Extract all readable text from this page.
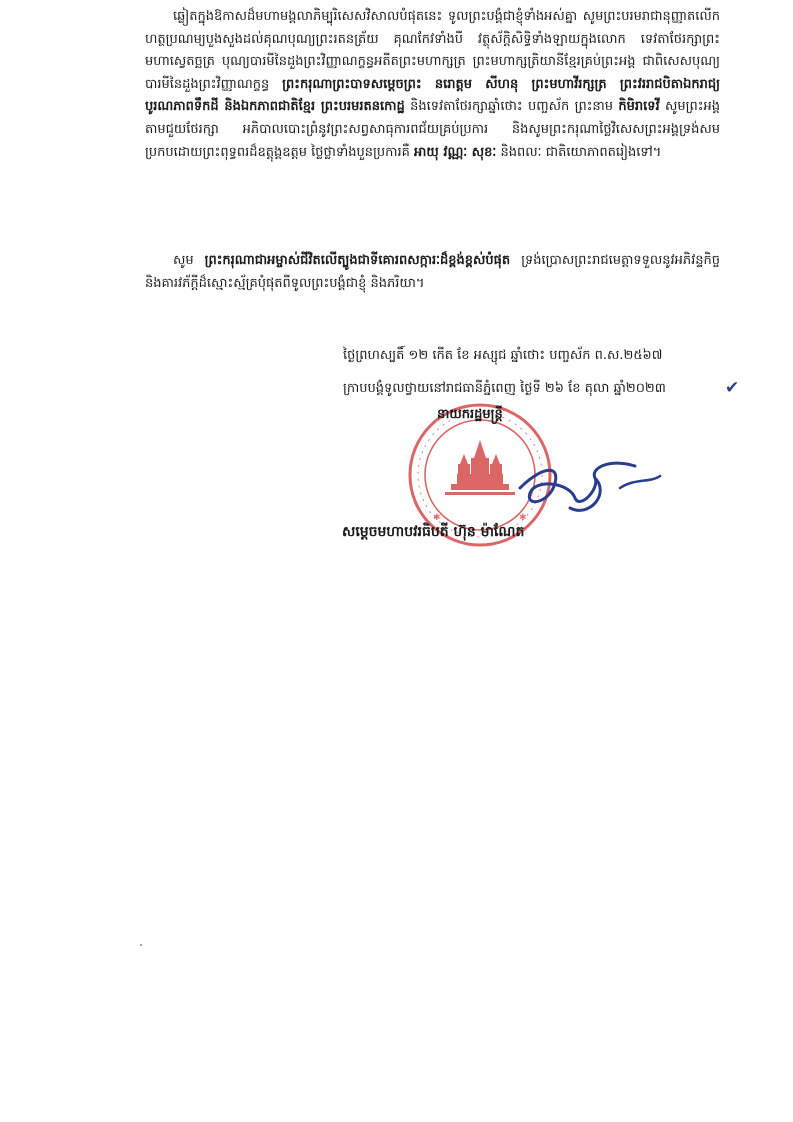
ឆ្លៀតក្នុងឱកាសដ៏មហាមង្គលាភិម្បុរិសេសវិសាលបំផុតនេះ ទូលព្រះបង្គំជាខ្ញុំទាំងអស់គ្នា សូមព្រះបរមរាជានុញ្ញាតលើកហត្ថប្រណម្យបួងសួងដល់គុណបុណ្យព្រះរតនត្រ័យ គុណកែវទាំងបី វត្ថុស័ក្តិសិទ្ធិទាំងឡាយក្នុងលោក ទេវតាថែរក្សាព្រះមហាសេ្វតច្ឆត្រ បុណ្យបារមីនៃដួងព្រះវិញ្ញាណក្ខន្ធអតីតព្រះមហាក្សត្រ ព្រះមហាក្សត្រិយានីខ្មែរគ្រប់ព្រះអង្គ ជាពិសេសបុណ្យបារមីនៃដួងព្រះវិញ្ញាណក្ខន្ធ ព្រះករុណាព្រះបាទសម្តេចព្រះ នរោត្តម សីហនុ ព្រះមហាវីរក្សត្រ ព្រះវររាជបិតាឯករាជ្យ បូរណភាពទឹកដី និងឯកភាពជាតិខ្មែរ ព្រះបរមរតនកោដ្ឋ និងទេវតាថែរក្សាឆ្នាំថោះ បញ្ចស័ក ព្រះនាម កិមិរាទេវី សូមព្រះអង្គតាមជួយថែរក្សា អភិបាលបោះព្រំនូវព្រះសព្វសាធុការពជ័យគ្រប់ប្រការ និងសូមព្រះករុណាថ្លៃវិសេសព្រះអង្គទ្រង់សមប្រកបដោយព្រះពុទ្ធពរដ៏ឧត្តុង្គឧត្តម ថ្លៃថ្លាទាំងបួនប្រការគឺ អាយុ វណ្ណៈ សុខៈ និងពលៈ ជាតិយោភាពតរៀងទៅ។

សូម ព្រះករុណាជាអម្ចាស់ជីវិតលើត្បូងជាទីគោរពសក្ការៈដ៏ខ្ពង់ខ្ពស់បំផុត ទ្រង់ប្រោសព្រះរាជមេត្តាទទួលនូវអភិវន្ទកិច្ច និងគារវភ័ក្តីដ៏ស្មោះស្ម័គ្រប៉ំផុតពីទូលព្រះបង្គំជាខ្ញុំ និងភរិយា។

ថ្ងៃព្រហស្បតិ៍ ១២ កើត ខែ អស្សុជ ឆ្នាំថោះ បញ្ចស័ក ព.ស.២៥៦៧
ក្រាបបង្គំទូលថ្វាយនៅរាជធានីភ្នំពេញ ថ្ងៃទី ២៦ ខែ តុលា ឆ្នាំ២០២៣	✔
✱	✱
នាយករដ្ឋមន្ត្រី
សម្តេចមហាបវរធិបតី ហ៊ុន ម៉ាណែត
